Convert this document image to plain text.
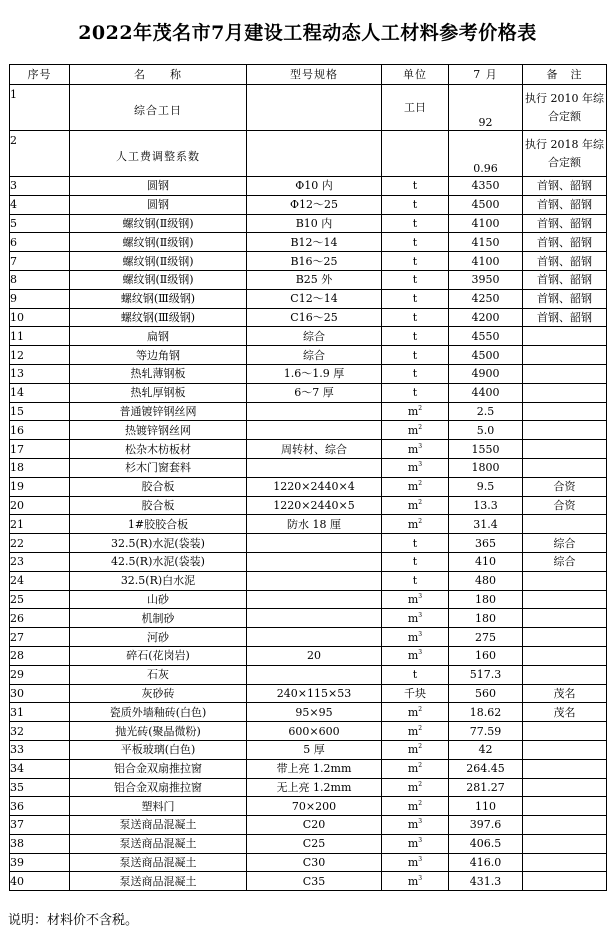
2022年茂名市7月建设工程动态人工材料参考价格表
序号	名　　称	型号规格	单位	7 月	备　注
1	综合工日		工日	92	执行 2010 年综合定额
2	人工费调整系数			0.96	执行 2018 年综合定额
3	圆钢	Φ10 内	t	4350	首钢、韶钢
4	圆钢	Φ12～25	t	4500	首钢、韶钢
5	螺纹钢(Ⅱ级钢)	B10 内	t	4100	首钢、韶钢
6	螺纹钢(Ⅱ级钢)	B12～14	t	4150	首钢、韶钢
7	螺纹钢(Ⅱ级钢)	B16～25	t	4100	首钢、韶钢
8	螺纹钢(Ⅱ级钢)	B25 外	t	3950	首钢、韶钢
9	螺纹钢(Ⅲ级钢)	C12～14	t	4250	首钢、韶钢
10	螺纹钢(Ⅲ级钢)	C16～25	t	4200	首钢、韶钢
11	扁钢	综合	t	4550	
12	等边角钢	综合	t	4500	
13	热轧薄钢板	1.6～1.9 厚	t	4900	
14	热轧厚钢板	6～7 厚	t	4400	
15	普通镀锌钢丝网		$m^2$	2.5	
16	热镀锌钢丝网		$m^2$	5.0	
17	松杂木枋板材	周转材、综合	$m^3$	1550	
18	杉木门窗套料		$m^3$	1800	
19	胶合板	1220×2440×4	$m^2$	9.5	合资
20	胶合板	1220×2440×5	$m^2$	13.3	合资
21	1#胶胶合板	防水 18 厘	$m^2$	31.4	
22	32.5(R)水泥(袋装)		t	365	综合
23	42.5(R)水泥(袋装)		t	410	综合
24	32.5(R)白水泥		t	480	
25	山砂		$m^3$	180	
26	机制砂		$m^3$	180	
27	河砂		$m^3$	275	
28	碎石(花岗岩)	20	$m^3$	160	
29	石灰		t	517.3	
30	灰砂砖	240×115×53	千块	560	茂名
31	瓷质外墙釉砖(白色)	95×95	$m^2$	18.62	茂名
32	抛光砖(聚晶微粉)	600×600	$m^2$	77.59	
33	平板玻璃(白色)	5 厚	$m^2$	42	
34	铝合金双扇推拉窗	带上亮 1.2mm	$m^2$	264.45	
35	铝合金双扇推拉窗	无上亮 1.2mm	$m^2$	281.27	
36	塑料门	70×200	$m^2$	110	
37	泵送商品混凝土	C20	$m^3$	397.6	
38	泵送商品混凝土	C25	$m^3$	406.5	
39	泵送商品混凝土	C30	$m^3$	416.0	
40	泵送商品混凝土	C35	$m^3$	431.3	
说明：材料价不含税。
